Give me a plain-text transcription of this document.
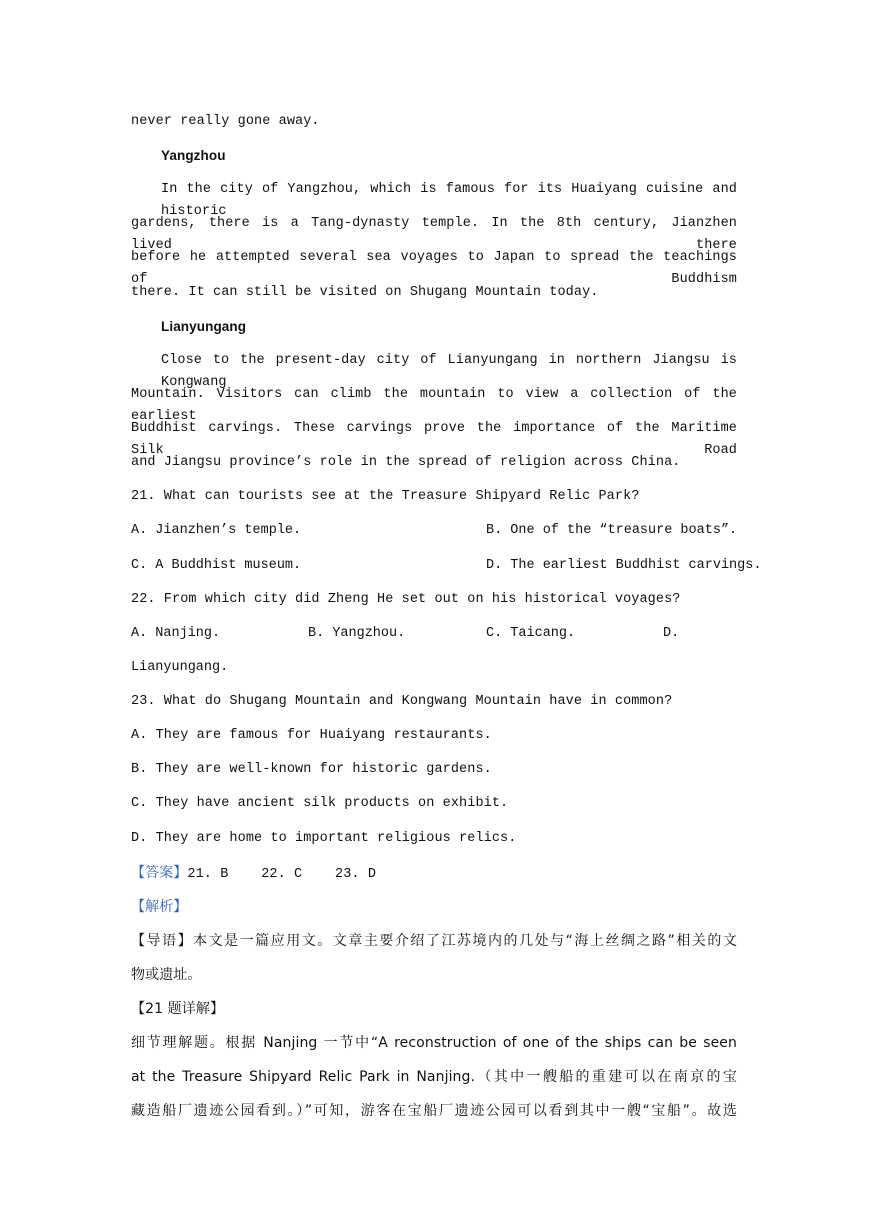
never really gone away.
Yangzhou
In the city of Yangzhou, which is famous for its Huaiyang cuisine and historic
gardens, there is a Tang-dynasty temple. In the 8th century, Jianzhen lived there
before he attempted several sea voyages to Japan to spread the teachings of Buddhism
there. It can still be visited on Shugang Mountain today.
Lianyungang
Close to the present-day city of Lianyungang in northern Jiangsu is Kongwang
Mountain. Visitors can climb the mountain to view a collection of the earliest
Buddhist carvings. These carvings prove the importance of the Maritime Silk Road
and Jiangsu province’s role in the spread of religion across China.
21. What can tourists see at the Treasure Shipyard Relic Park?
A. Jianzhen’s temple.	B. One of the “treasure boats”.
C. A Buddhist museum.	D. The earliest Buddhist carvings.
22. From which city did Zheng He set out on his historical voyages?
A. Nanjing.	B. Yangzhou.	C. Taicang.	D.
Lianyungang.
23. What do Shugang Mountain and Kongwang Mountain have in common?
A. They are famous for Huaiyang restaurants.
B. They are well-known for historic gardens.
C. They have ancient silk products on exhibit.
D. They are home to important religious relics.
【答案】21. B    22. C    23. D
【解析】
【导语】本文是一篇应用文。文章主要介绍了江苏境内的几处与“海上丝绸之路”相关的文
物或遗址。
【21 题详解】
细节理解题。根据 Nanjing 一节中“A reconstruction of one of the ships can be seen
at the Treasure Shipyard Relic Park in Nanjing.（其中一艘船的重建可以在南京的宝
藏造船厂遗迹公园看到。）”可知，游客在宝船厂遗迹公园可以看到其中一艘“宝船”。故选
